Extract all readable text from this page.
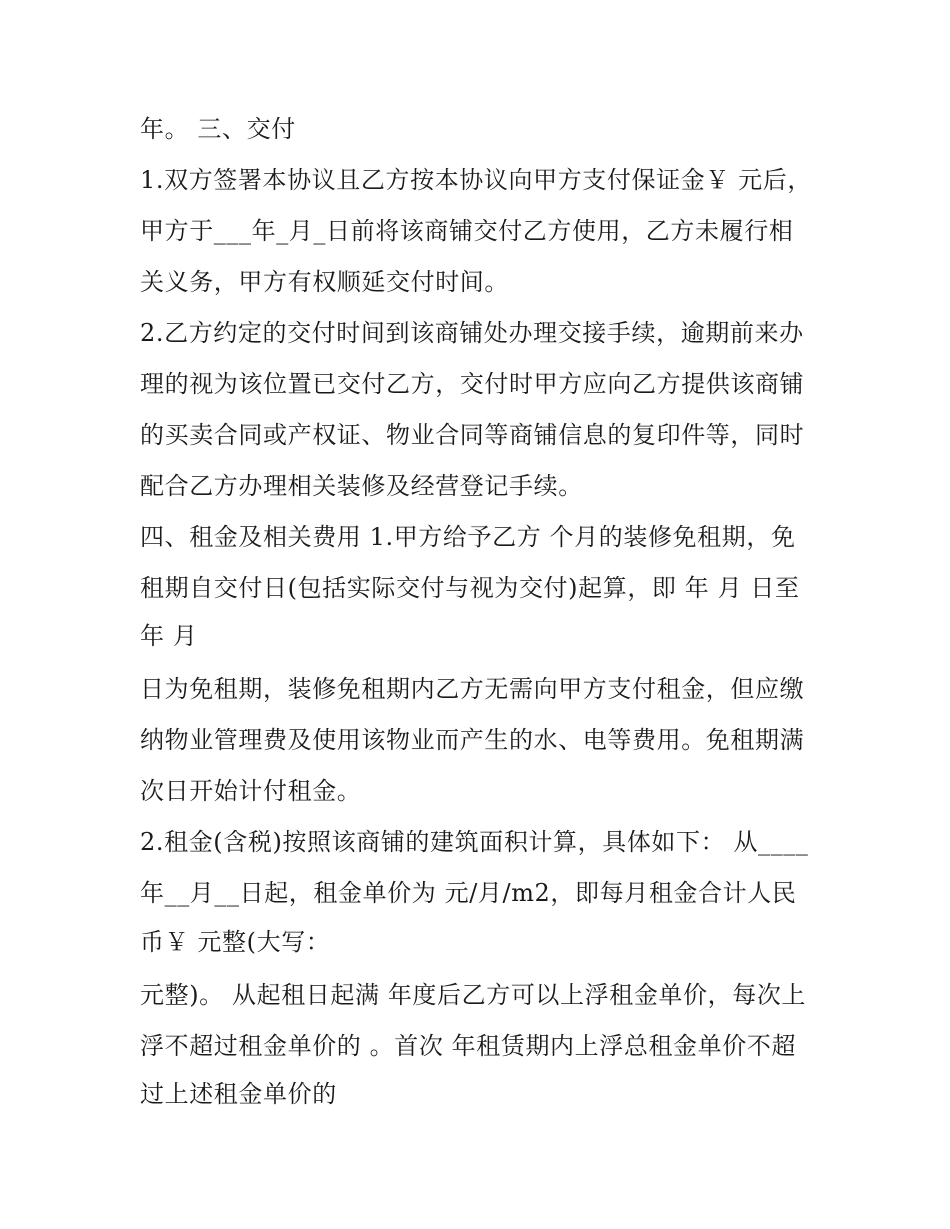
年。 三、交付
1.双方签署本协议且乙方按本协议向甲方支付保证金￥ 元后，
甲方于___年_月_日前将该商铺交付乙方使用，乙方未履行相
关义务，甲方有权顺延交付时间。
2.乙方约定的交付时间到该商铺处办理交接手续，逾期前来办
理的视为该位置已交付乙方，交付时甲方应向乙方提供该商铺
的买卖合同或产权证、物业合同等商铺信息的复印件等，同时
配合乙方办理相关装修及经营登记手续。
四、租金及相关费用 1.甲方给予乙方 个月的装修免租期，免
租期自交付日(包括实际交付与视为交付)起算，即 年 月 日至
年 月
日为免租期，装修免租期内乙方无需向甲方支付租金，但应缴
纳物业管理费及使用该物业而产生的水、电等费用。免租期满
次日开始计付租金。
2.租金(含税)按照该商铺的建筑面积计算，具体如下： 从____
年__月__日起，租金单价为 元/月/m2，即每月租金合计人民
币￥ 元整(大写：
元整)。 从起租日起满 年度后乙方可以上浮租金单价，每次上
浮不超过租金单价的 。首次 年租赁期内上浮总租金单价不超
过上述租金单价的
